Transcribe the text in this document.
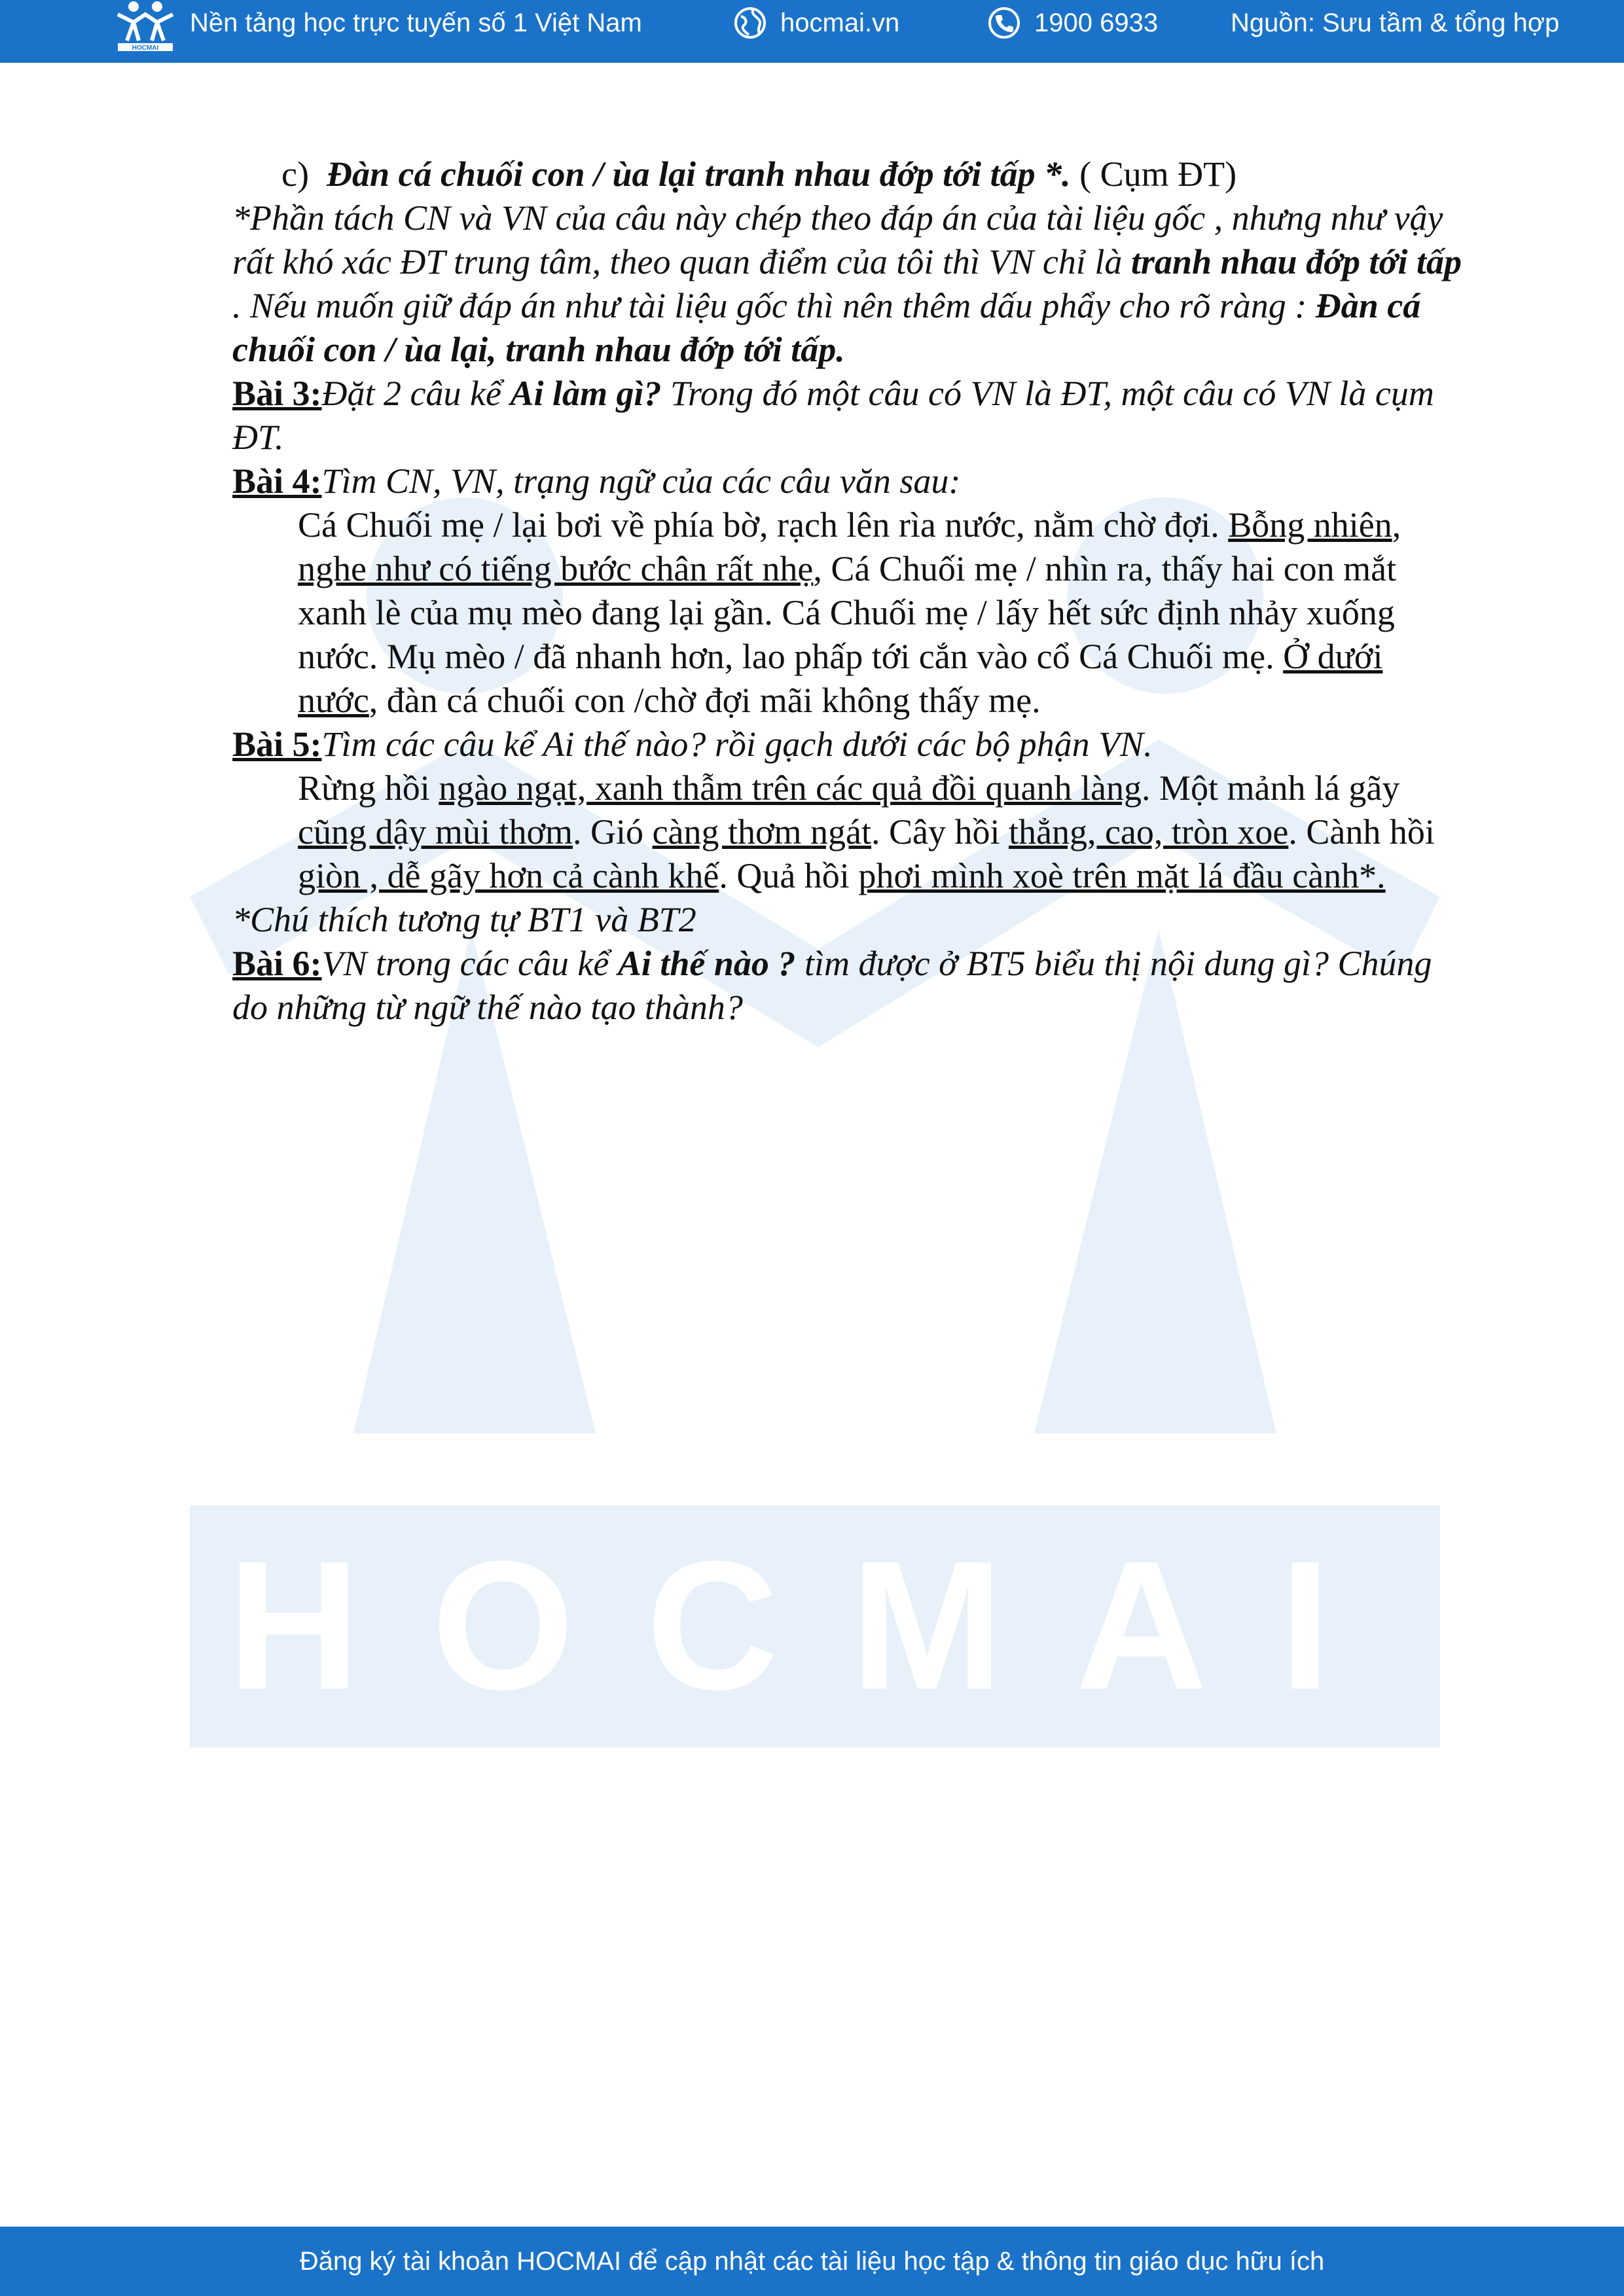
HOCMAI
Nền tảng học trực tuyến số 1 Việt Nam	hocmai.vn	1900 6933	Nguồn: Sưu tầm & tổng hợp
HOCMAI

c) Đàn cá chuối con / ùa lại tranh nhau đớp tới tấp *. ( Cụm ĐT)

*Phần tách CN và VN của câu này chép theo đáp án của tài liệu gốc , nhưng như vậy rất khó xác ĐT trung tâm, theo quan điểm của tôi thì VN chỉ là tranh nhau đớp tới tấp . Nếu muốn giữ đáp án như tài liệu gốc thì nên thêm dấu phẩy cho rõ ràng : Đàn cá chuối con / ùa lại, tranh nhau đớp tới tấp.

Bài 3:Đặt 2 câu kể Ai làm gì? Trong đó một câu có VN là ĐT, một câu có VN là cụm ĐT.

Bài 4:Tìm CN, VN, trạng ngữ của các câu văn sau:

Cá Chuối mẹ / lại bơi về phía bờ, rạch lên rìa nước, nằm chờ đợi. Bỗng nhiên, nghe như có tiếng bước chân rất nhẹ, Cá Chuối mẹ / nhìn ra, thấy hai con mắt xanh lè của mụ mèo đang lại gần. Cá Chuối mẹ / lấy hết sức định nhảy xuống nước. Mụ mèo / đã nhanh hơn, lao phấp tới cắn vào cổ Cá Chuối mẹ. Ở dưới nước, đàn cá chuối con /chờ đợi mãi không thấy mẹ.

Bài 5:Tìm các câu kể Ai thế nào? rồi gạch dưới các bộ phận VN.

Rừng hồi ngào ngạt, xanh thẫm trên các quả đồi quanh làng. Một mảnh lá gãy cũng dậy mùi thơm. Gió càng thơm ngát. Cây hồi thẳng, cao, tròn xoe. Cành hồi giòn , dễ gãy hơn cả cành khế. Quả hồi phơi mình xoè trên mặt lá đầu cành*.

*Chú thích tương tự BT1 và BT2

Bài 6:VN trong các câu kể Ai thế nào ? tìm được ở BT5 biểu thị nội dung gì? Chúng do những từ ngữ thế nào tạo thành?

Đăng ký tài khoản HOCMAI để cập nhật các tài liệu học tập & thông tin giáo dục hữu ích
